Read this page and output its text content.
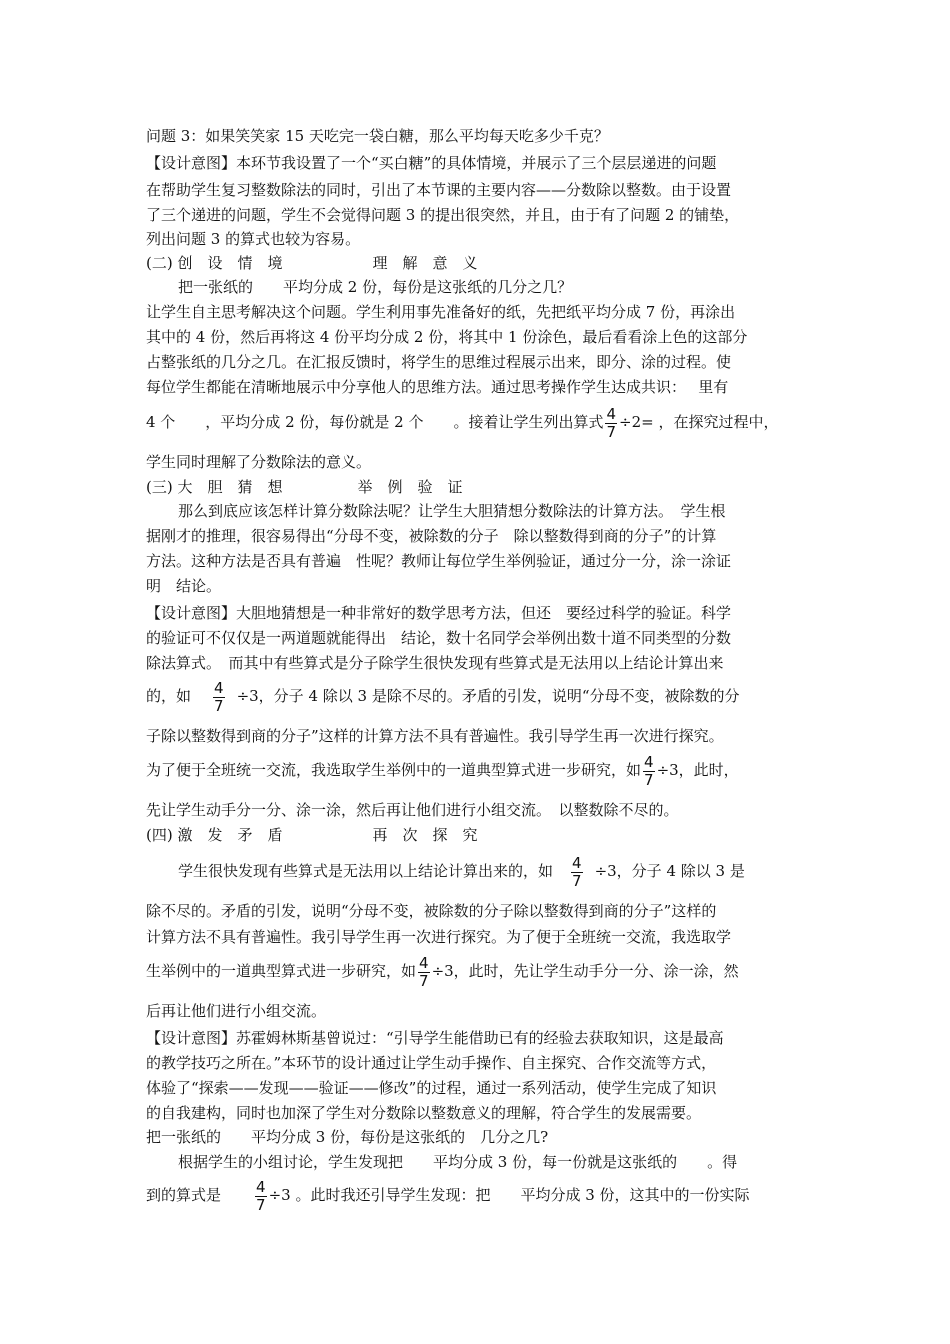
问题 3：如果笑笑家 15 天吃完一袋白糖，那么平均每天吃多少千克？
【设计意图】本环节我设置了一个“买白糖”的具体情境，并展示了三个层层递进的问题
在帮助学生复习整数除法的同时，引出了本节课的主要内容——分数除以整数。由于设置
了三个递进的问题，学生不会觉得问题 3 的提出很突然，并且，由于有了问题 2 的铺垫，
列出问题 3 的算式也较为容易。
(二) 创　设　情　境　　　　　　理　解　意　义
把一张纸的　　平均分成 2 份，每份是这张纸的几分之几？
让学生自主思考解决这个问题。学生利用事先准备好的纸，先把纸平均分成 7 份，再涂出
其中的 4 份，然后再将这 4 份平均分成 2 份，将其中 1 份涂色，最后看看涂上色的这部分
占整张纸的几分之几。在汇报反馈时，将学生的思维过程展示出来，即分、涂的过程。使
每位学生都能在清晰地展示中分享他人的思维方法。通过思考操作学生达成共识：　 里有
4 个　　，平均分成 2 份，每份就是 2 个　　。接着让学生列出算式 $\frac{4}{7} \div 2=$ ，在探究过程中，
学生同时理解了分数除法的意义。
(三) 大　胆　猜　想　　　　　举　例　验　证
那么到底应该怎样计算分数除法呢？让学生大胆猜想分数除法的计算方法。　学生根
据刚才的推理，很容易得出“分母不变，被除数的分子　除以整数得到商的分子”的计算
方法。这种方法是否具有普遍　性呢？教师让每位学生举例验证，通过分一分，涂一涂证
明　结论。
【设计意图】大胆地猜想是一种非常好的数学思考方法，但还　要经过科学的验证。科学
的验证可不仅仅是一两道题就能得出　结论，数十名同学会举例出数十道不同类型的分数
除法算式。　而其中有些算式是分子除学生很快发现有些算式是无法用以上结论计算出来
的，如 $\frac{4}{7} \div 3$，分子 4 除以 3 是除不尽的。矛盾的引发，说明“分母不变，被除数的分
子除以整数得到商的分子”这样的计算方法不具有普遍性。我引导学生再一次进行探究。
为了便于全班统一交流，我选取学生举例中的一道典型算式进一步研究，如 $\frac{4}{7} \div 3$，此时，
先让学生动手分一分、涂一涂，然后再让他们进行小组交流。　以整数除不尽的。
(四) 激　发　矛　盾　　　　　　再　次　探　究
学生很快发现有些算式是无法用以上结论计算出来的，如 $\frac{4}{7} \div 3$，分子 4 除以 3 是
除不尽的。矛盾的引发，说明“分母不变，被除数的分子除以整数得到商的分子”这样的
计算方法不具有普遍性。我引导学生再一次进行探究。为了便于全班统一交流，我选取学
生举例中的一道典型算式进一步研究，如 $\frac{4}{7} \div 3$，此时，先让学生动手分一分、涂一涂，然
后再让他们进行小组交流。
【设计意图】苏霍姆林斯基曾说过：“引导学生能借助已有的经验去获取知识，这是最高
的教学技巧之所在。”本环节的设计通过让学生动手操作、自主探究、合作交流等方式，
体验了“探索——发现——验证——修改”的过程，通过一系列活动，使学生完成了知识
的自我建构，同时也加深了学生对分数除以整数意义的理解，符合学生的发展需要。
把一张纸的　　平均分成 3 份，每份是这张纸的　几分之几?
根据学生的小组讨论，学生发现把　　平均分成 3 份，每一份就是这张纸的　　。得
到的算式是 $\frac{4}{7} \div 3$ 。此时我还引导学生发现：把　　平均分成 3 份，这其中的一份实际
